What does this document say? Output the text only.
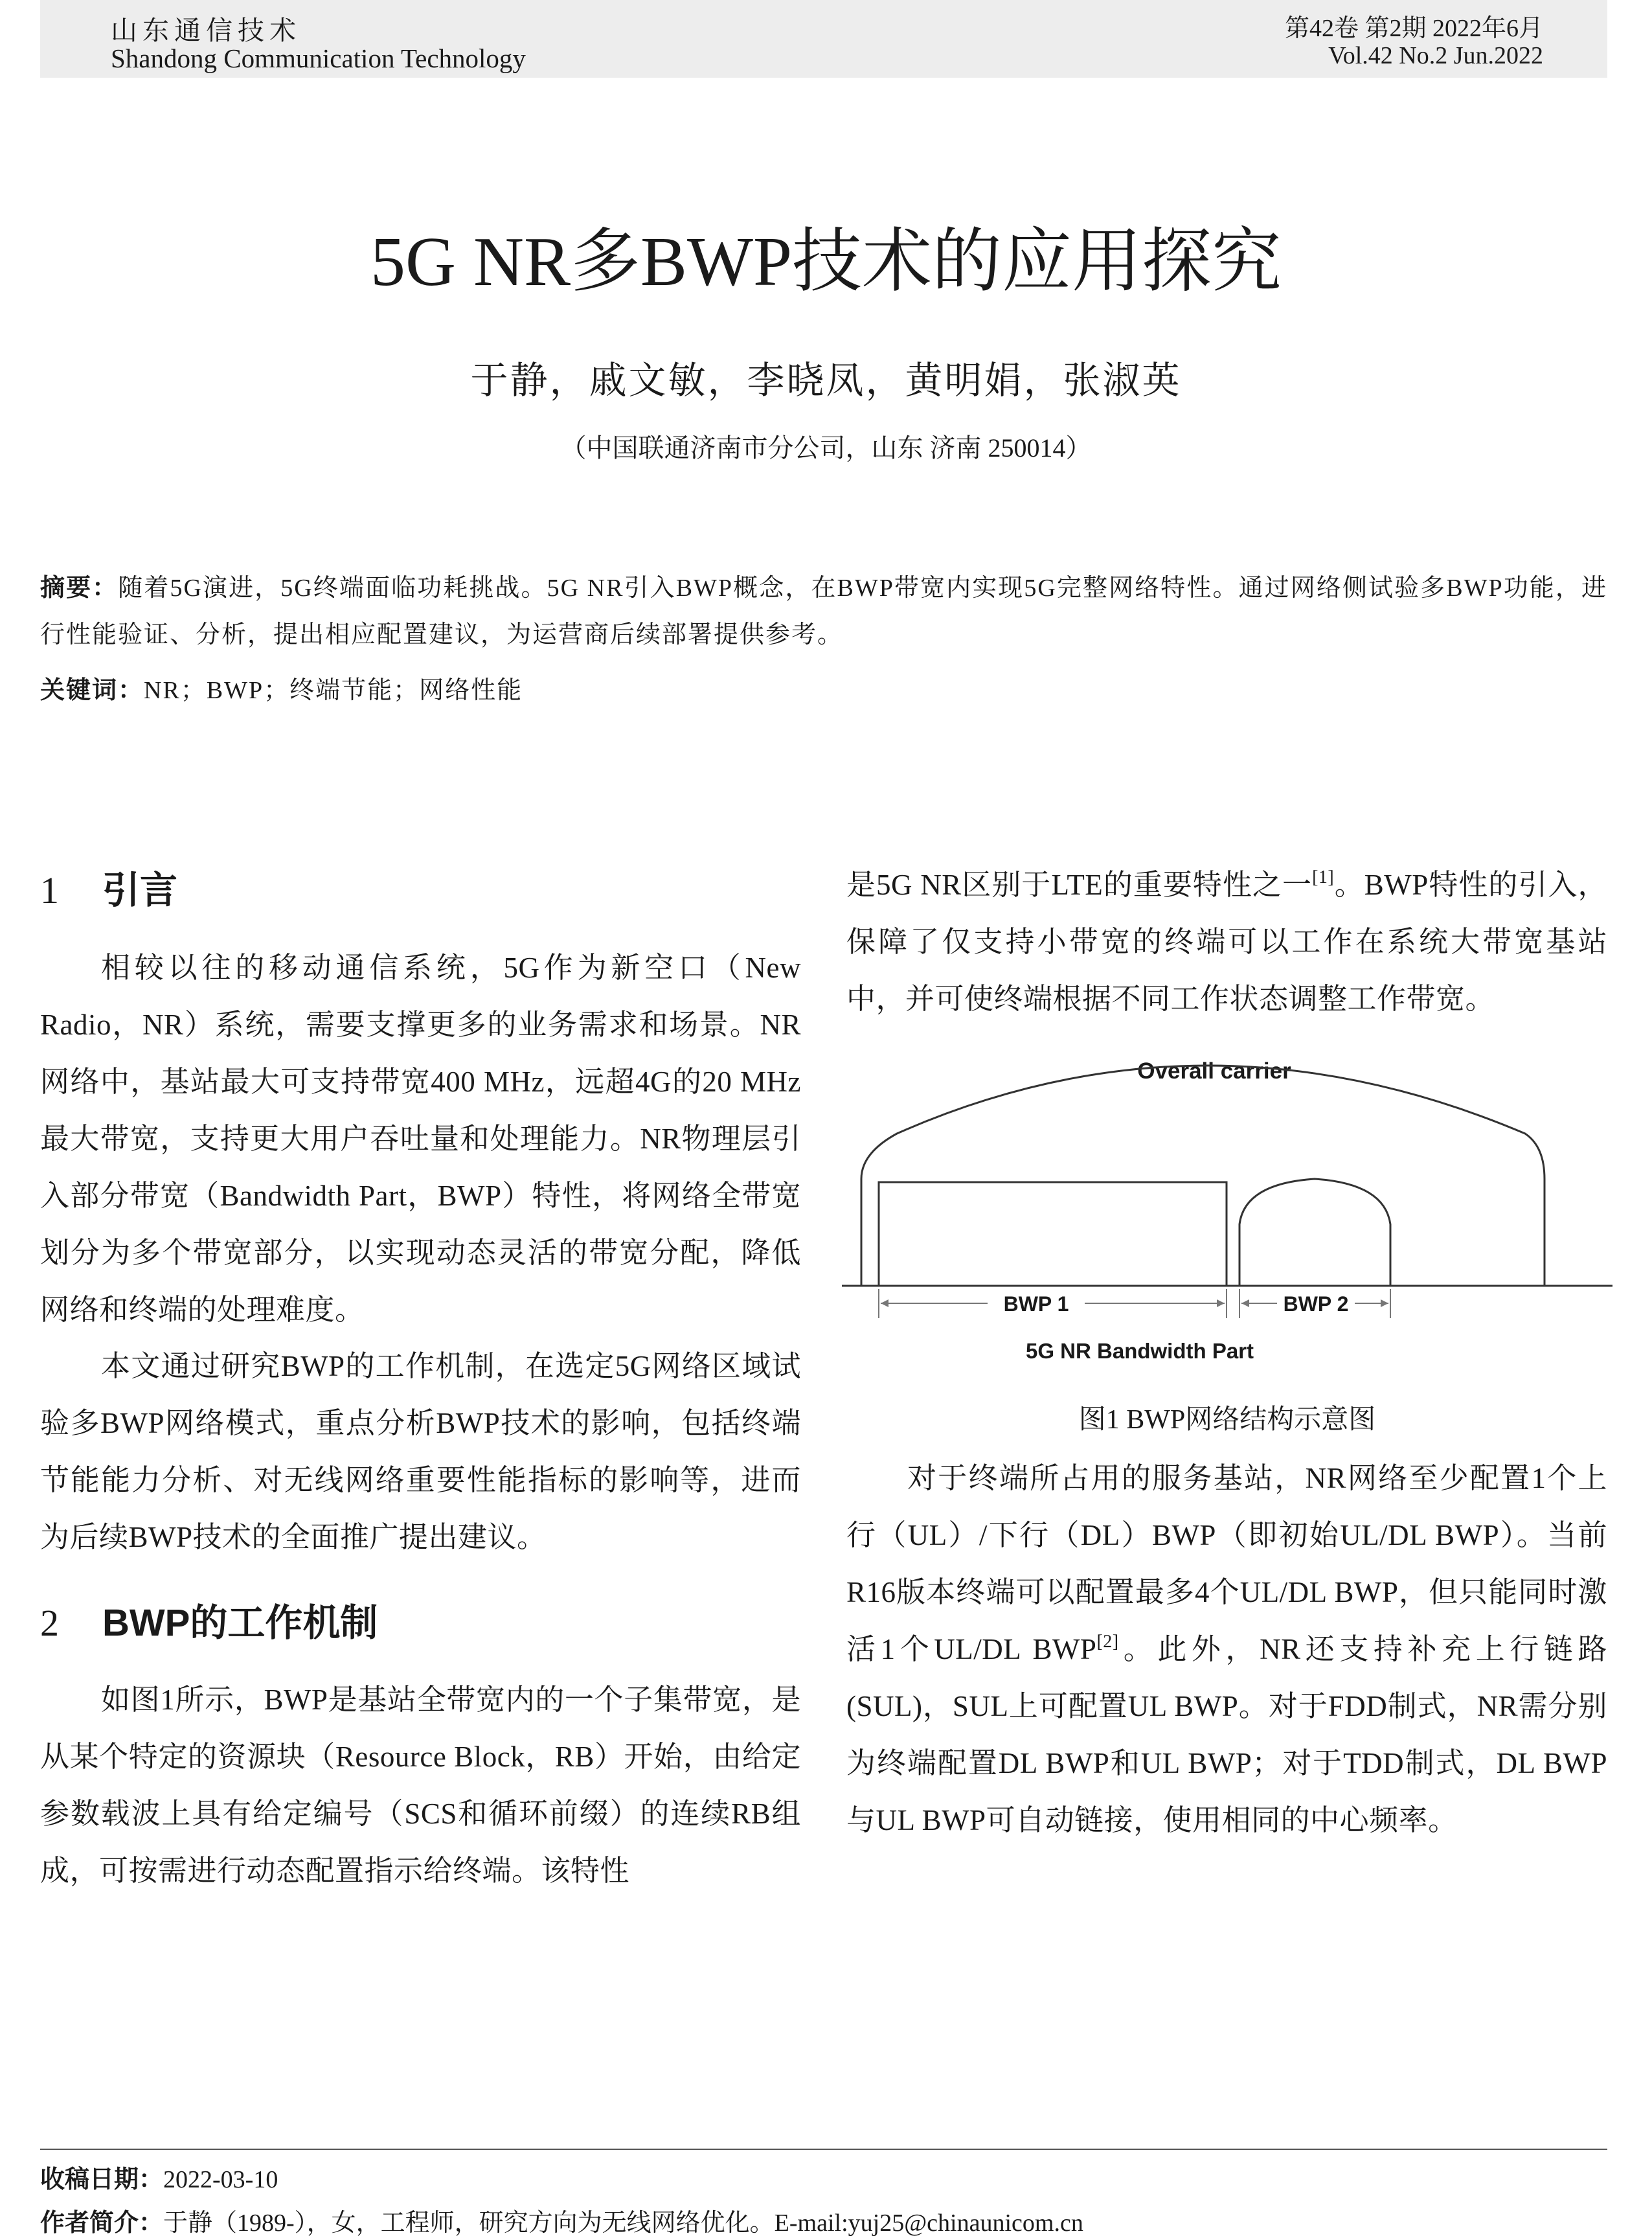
山东通信技术
Shandong Communication Technology
第42卷 第2期 2022年6月
Vol.42 No.2 Jun.2022
5G NR多BWP技术的应用探究
于静，戚文敏，李晓凤，黄明娟，张淑英
（中国联通济南市分公司，山东 济南 250014）

摘要：随着5G演进，5G终端面临功耗挑战。5G NR引入BWP概念，在BWP带宽内实现5G完整网络特性。通过网络侧试验多BWP功能，进行性能验证、分析，提出相应配置建议，为运营商后续部署提供参考。

关键词：NR；BWP；终端节能；网络性能

1 引言

相较以往的移动通信系统，5G作为新空口（New Radio，NR）系统，需要支撑更多的业务需求和场景。NR网络中，基站最大可支持带宽400 MHz，远超4G的20 MHz最大带宽，支持更大用户吞吐量和处理能力。NR物理层引入部分带宽（Bandwidth Part，BWP）特性，将网络全带宽划分为多个带宽部分，以实现动态灵活的带宽分配，降低网络和终端的处理难度。

本文通过研究BWP的工作机制，在选定5G网络区域试验多BWP网络模式，重点分析BWP技术的影响，包括终端节能能力分析、对无线网络重要性能指标的影响等，进而为后续BWP技术的全面推广提出建议。

2 BWP的工作机制

如图1所示，BWP是基站全带宽内的一个子集带宽，是从某个特定的资源块（Resource Block，RB）开始，由给定参数载波上具有给定编号（SCS和循环前缀）的连续RB组成，可按需进行动态配置指示给终端。该特性

是5G NR区别于LTE的重要特性之一[1]。BWP特性的引入，保障了仅支持小带宽的终端可以工作在系统大带宽基站中，并可使终端根据不同工作状态调整工作带宽。

Overall carrier
BWP 1	BWP 2
5G NR Bandwidth Part
图1 BWP网络结构示意图

对于终端所占用的服务基站，NR网络至少配置1个上行（UL）/下行（DL）BWP（即初始UL/DL BWP）。当前R16版本终端可以配置最多4个UL/DL BWP，但只能同时激活1个UL/DL BWP[2]。此外，NR还支持补充上行链路(SUL)，SUL上可配置UL BWP。对于FDD制式，NR需分别为终端配置DL BWP和UL BWP；对于TDD制式，DL BWP与UL BWP可自动链接，使用相同的中心频率。

收稿日期：2022-03-10
作者简介：于静（1989-），女，工程师，研究方向为无线网络优化。E-mail:yuj25@chinaunicom.cn
